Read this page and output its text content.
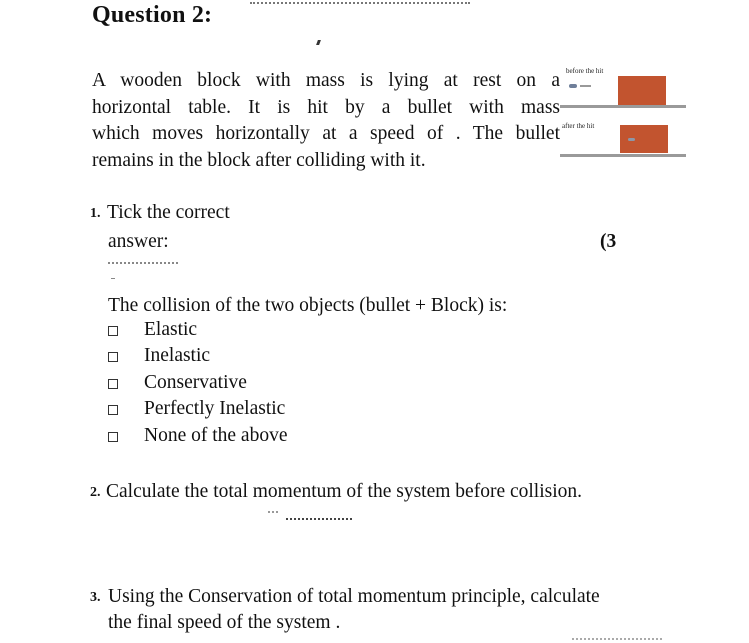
Question 2:
A wooden block with mass is lying at rest on a
horizontal table. It is hit by a bullet with mass
which moves horizontally at a speed of . The bullet
remains in the block after colliding with it.
before the hit
after the hit
1. Tick the correct
answer:	(3
The collision of the two objects (bullet + Block) is:
Elastic
Inelastic
Conservative
Perfectly Inelastic
None of the above
2. Calculate the total momentum of the system before collision.
3. Using the Conservation of total momentum principle, calculate
the final speed of the system .
